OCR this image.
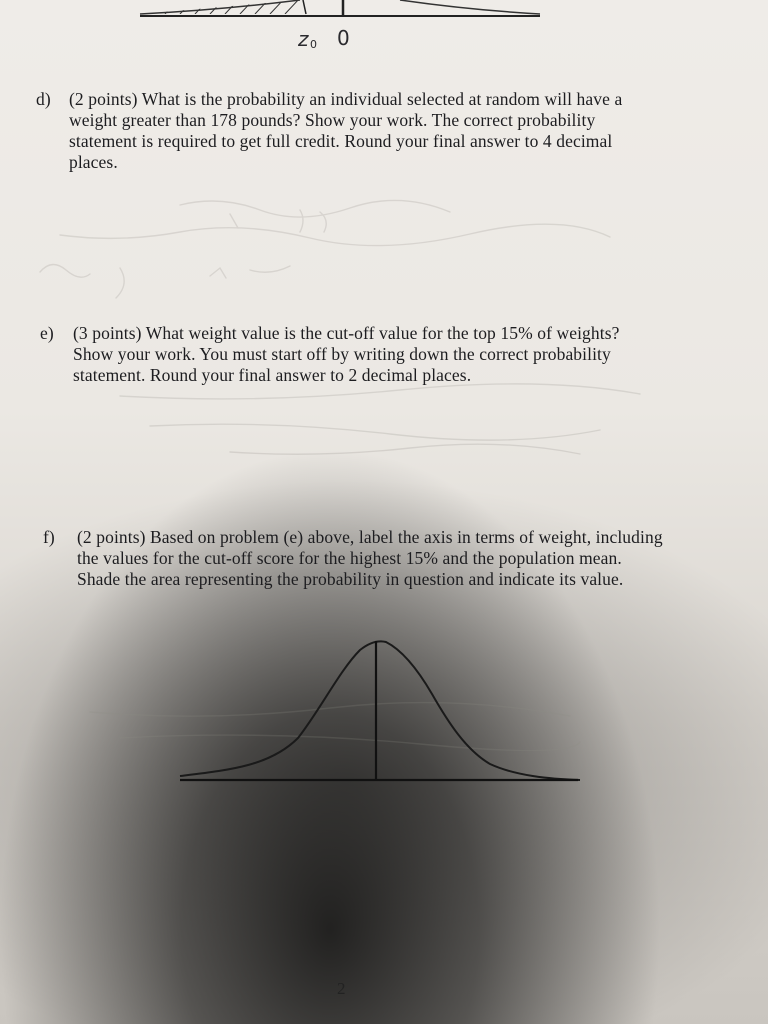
z 0 0
d) (2 points) What is the probability an individual selected at random will have a
weight greater than 178 pounds? Show your work. The correct probability
statement is required to get full credit. Round your final answer to 4 decimal
places.
e) (3 points) What weight value is the cut-off value for the top 15% of weights?
Show your work. You must start off by writing down the correct probability
statement. Round your final answer to 2 decimal places.
f) (2 points) Based on problem (e) above, label the axis in terms of weight, including
the values for the cut-off score for the highest 15% and the population mean.
Shade the area representing the probability in question and indicate its value.
2
